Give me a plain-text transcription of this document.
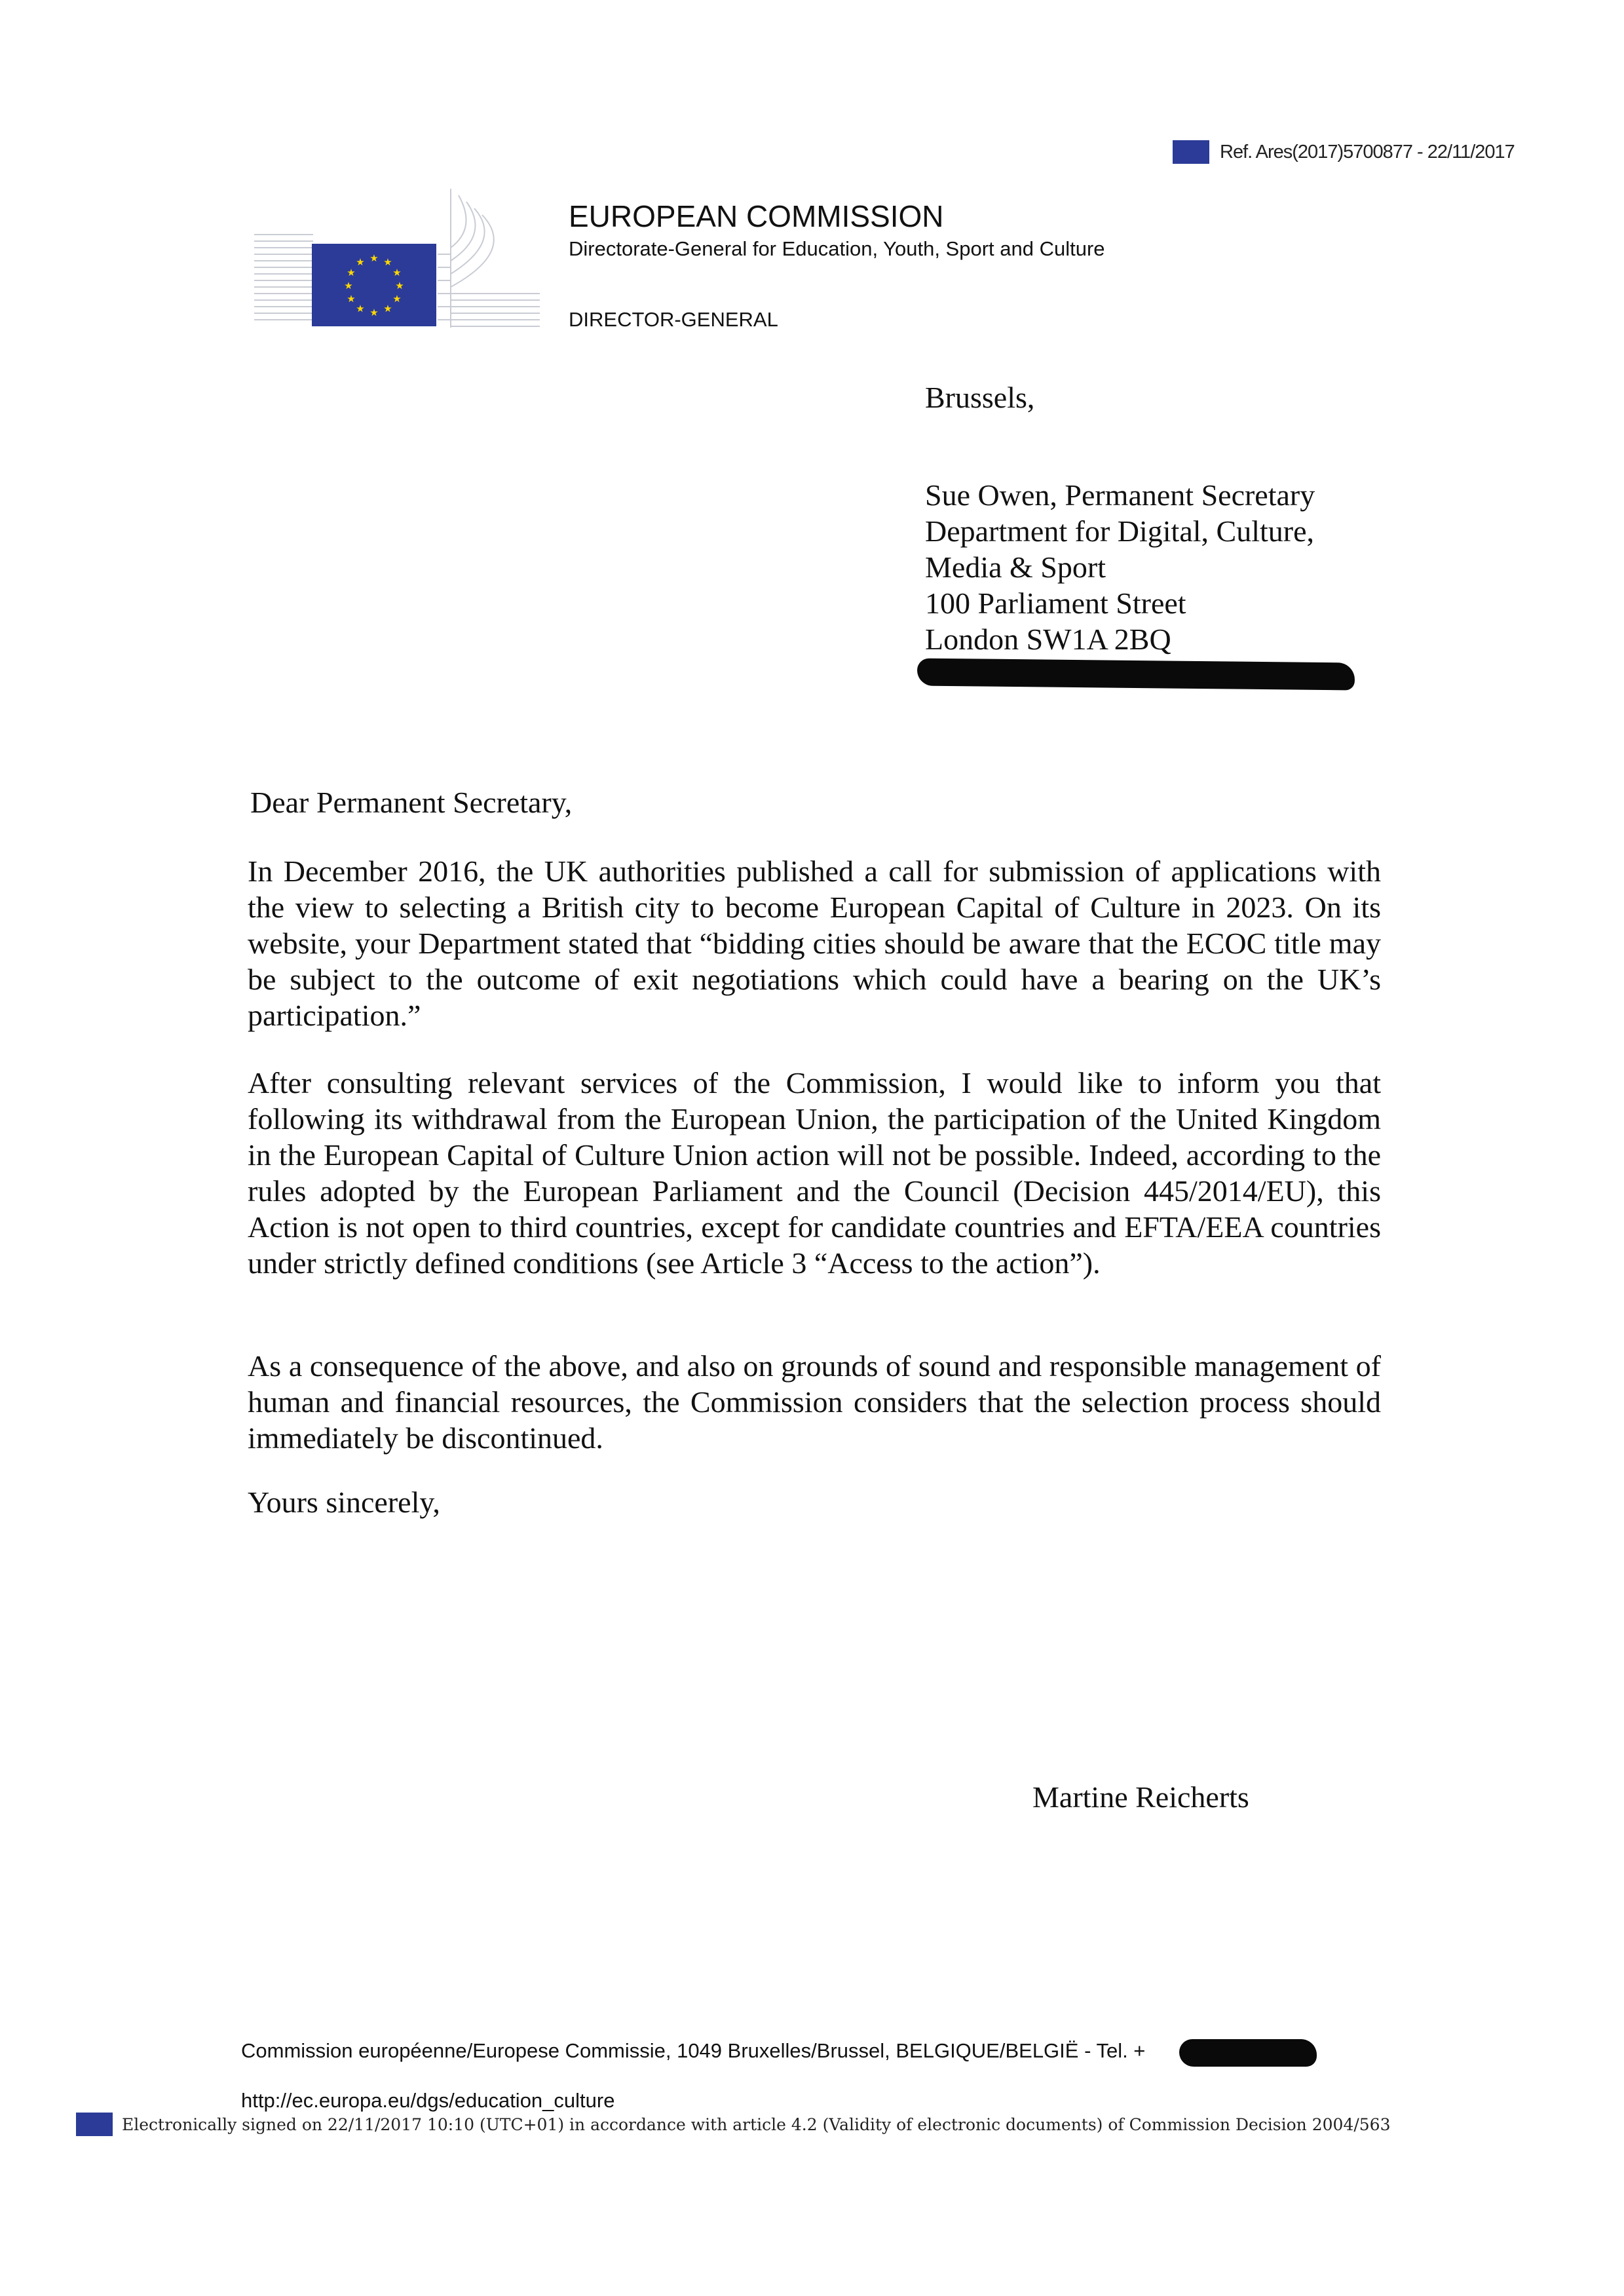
Ref. Ares(2017)5700877 - 22/11/2017
★ ★
★
★
★
★
★
★
★
★
★
★
EUROPEAN COMMISSION
Directorate-General for Education, Youth, Sport and Culture
DIRECTOR-GENERAL
Brussels,
Sue Owen, Permanent Secretary
Department for Digital, Culture,
Media & Sport
100 Parliament Street
London SW1A 2BQ
Dear Permanent Secretary,
In December 2016, the UK authorities published a call for submission of applications with the view to selecting a British city to become European Capital of Culture in 2023. On its website, your Department stated that “bidding cities should be aware that the ECOC title may be subject to the outcome of exit negotiations which could have a bearing on the UK’s participation.”
After consulting relevant services of the Commission, I would like to inform you that following its withdrawal from the European Union, the participation of the United Kingdom in the European Capital of Culture Union action will not be possible. Indeed, according to the rules adopted by the European Parliament and the Council (Decision 445/2014/EU), this Action is not open to third countries, except for candidate countries and EFTA/EEA countries under strictly defined conditions (see Article 3 “Access to the action”).
As a consequence of the above, and also on grounds of sound and responsible management of human and financial resources, the Commission considers that the selection process should immediately be discontinued.
Yours sincerely,
Martine Reicherts
Commission européenne/Europese Commissie, 1049 Bruxelles/Brussel, BELGIQUE/BELGIË - Tel. +
http://ec.europa.eu/dgs/education_culture
Electronically signed on 22/11/2017 10:10 (UTC+01) in accordance with article 4.2 (Validity of electronic documents) of Commission Decision 2004/563
